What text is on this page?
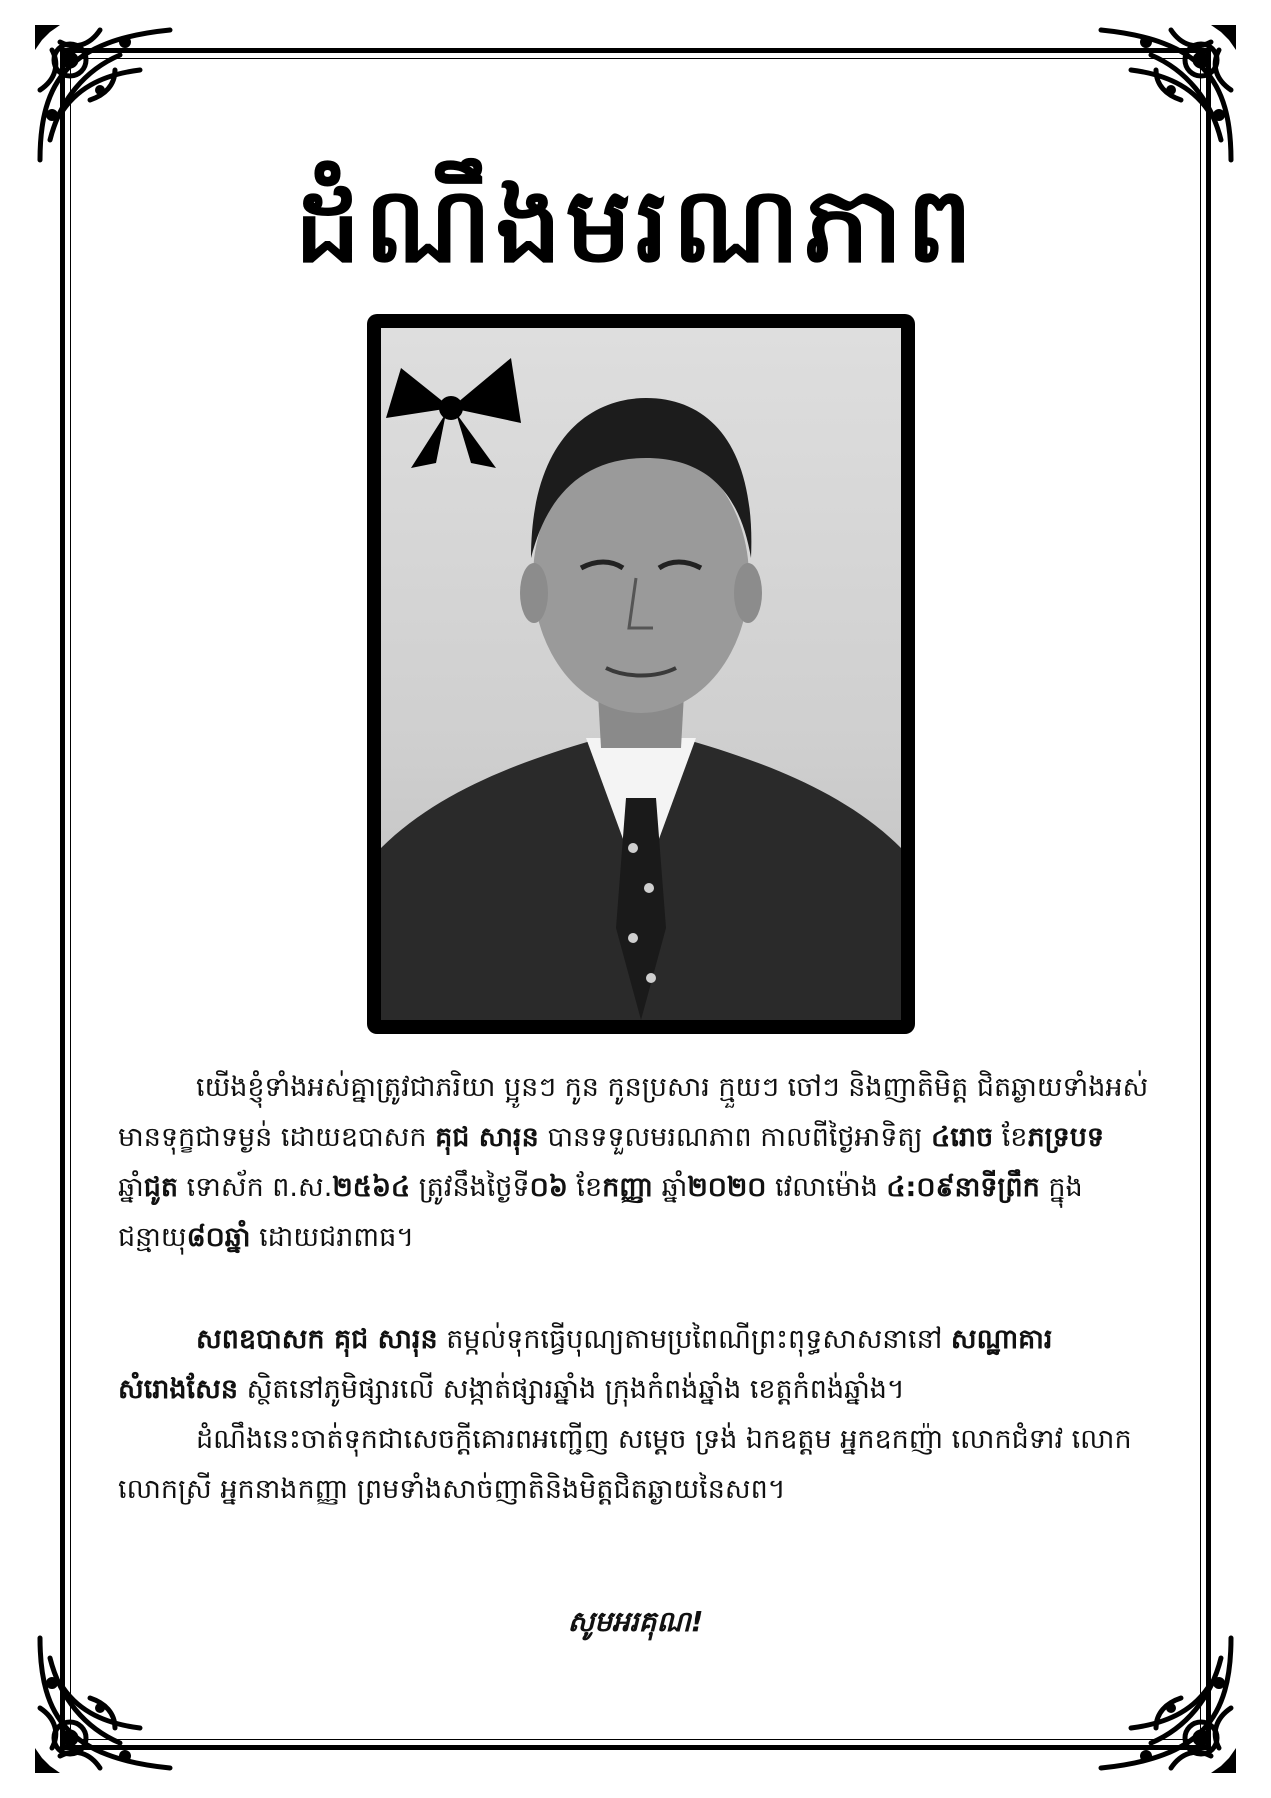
ដំណឹងមរណភាព
យើងខ្ញុំទាំងអស់គ្នាត្រូវជាភរិយា ប្អូនៗ កូន កូនប្រសារ ក្មួយៗ ចៅៗ និងញាតិមិត្ត ជិតឆ្ងាយទាំងអស់ មានទុក្ខជាទម្ងន់ ដោយឧបាសក គុជ សារុន បានទទួលមរណភាព កាលពីថ្ងៃអាទិត្យ ៤រោច ខែភទ្របទ ឆ្នាំជូត ទោស័ក ព.ស.២៥៦៤ ត្រូវនឹងថ្ងៃទី០៦ ខែកញ្ញា ឆ្នាំ២០២០ វេលាម៉ោង ៤:០៩នាទីព្រឹក ក្នុងជន្មាយុ៨០ឆ្នាំ ដោយជរាពាធ។
សពឧបាសក គុជ សារុន តម្កល់ទុកធ្វើបុណ្យតាមប្រពៃណីព្រះពុទ្ធសាសនានៅ សណ្ឋាគារសំរោងសែន ស្ថិតនៅភូមិផ្សារលើ សង្កាត់ផ្សារឆ្នាំង ក្រុងកំពង់ឆ្នាំង ខេត្តកំពង់ឆ្នាំង។
ដំណឹងនេះចាត់ទុកជាសេចក្តីគោរពអញ្ជើញ សម្តេច ទ្រង់ ឯកឧត្តម អ្នកឧកញ៉ា លោកជំទាវ លោក លោកស្រី អ្នកនាងកញ្ញា ព្រមទាំងសាច់ញាតិនិងមិត្តជិតឆ្ងាយនៃសព។
សូមអរគុណ!
